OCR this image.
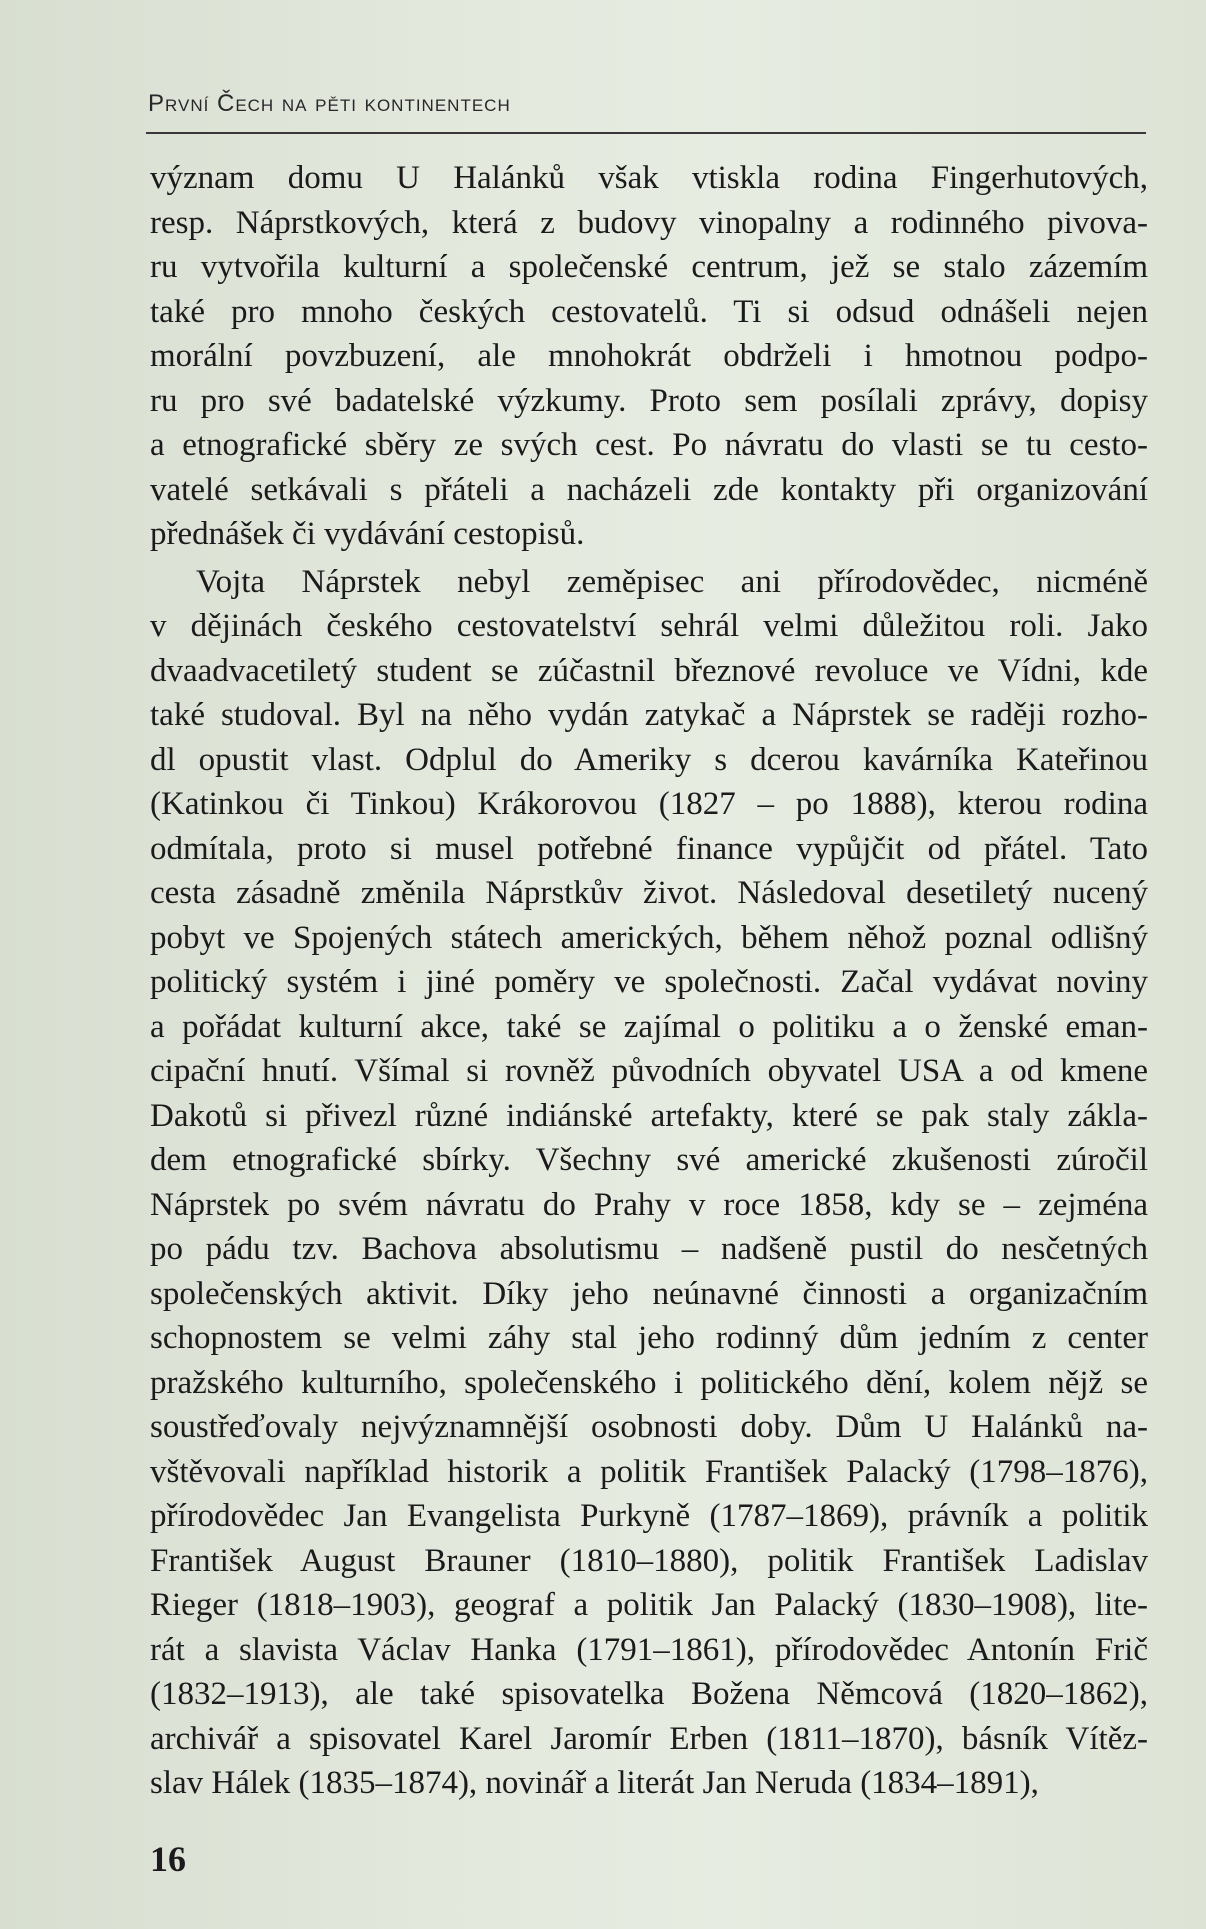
První Čech na pěti kontinentech
význam domu U Halánků však vtiskla rodina Fingerhutových,
resp. Náprstkových, která z budovy vinopalny a rodinného pivova-
ru vytvořila kulturní a společenské centrum, jež se stalo zázemím
také pro mnoho českých cestovatelů. Ti si odsud odnášeli nejen
morální povzbuzení, ale mnohokrát obdrželi i hmotnou podpo-
ru pro své badatelské výzkumy. Proto sem posílali zprávy, dopisy
a etnografické sběry ze svých cest. Po návratu do vlasti se tu cesto-
vatelé setkávali s přáteli a nacházeli zde kontakty při organizování
přednášek či vydávání cestopisů.
Vojta Náprstek nebyl zeměpisec ani přírodovědec, nicméně
v dějinách českého cestovatelství sehrál velmi důležitou roli. Jako
dvaadvacetiletý student se zúčastnil březnové revoluce ve Vídni, kde
také studoval. Byl na něho vydán zatykač a Náprstek se raději rozho-
dl opustit vlast. Odplul do Ameriky s dcerou kavárníka Kateřinou
(Katinkou či Tinkou) Krákorovou (1827 – po 1888), kterou rodina
odmítala, proto si musel potřebné finance vypůjčit od přátel. Tato
cesta zásadně změnila Náprstkův život. Následoval desetiletý nucený
pobyt ve Spojených státech amerických, během něhož poznal odlišný
politický systém i jiné poměry ve společnosti. Začal vydávat noviny
a pořádat kulturní akce, také se zajímal o politiku a o ženské eman-
cipační hnutí. Všímal si rovněž původních obyvatel USA a od kmene
Dakotů si přivezl různé indiánské artefakty, které se pak staly zákla-
dem etnografické sbírky. Všechny své americké zkušenosti zúročil
Náprstek po svém návratu do Prahy v roce 1858, kdy se – zejména
po pádu tzv. Bachova absolutismu – nadšeně pustil do nesčetných
společenských aktivit. Díky jeho neúnavné činnosti a organizačním
schopnostem se velmi záhy stal jeho rodinný dům jedním z center
pražského kulturního, společenského i politického dění, kolem nějž se
soustřeďovaly nejvýznamnější osobnosti doby. Dům U Halánků na-
vštěvovali například historik a politik František Palacký (1798–1876),
přírodovědec Jan Evangelista Purkyně (1787–1869), právník a politik
František August Brauner (1810–1880), politik František Ladislav
Rieger (1818–1903), geograf a politik Jan Palacký (1830–1908), lite-
rát a slavista Václav Hanka (1791–1861), přírodovědec Antonín Frič
(1832–1913), ale také spisovatelka Božena Němcová (1820–1862),
archivář a spisovatel Karel Jaromír Erben (1811–1870), básník Vítěz-
slav Hálek (1835–1874), novinář a literát Jan Neruda (1834–1891),
16
